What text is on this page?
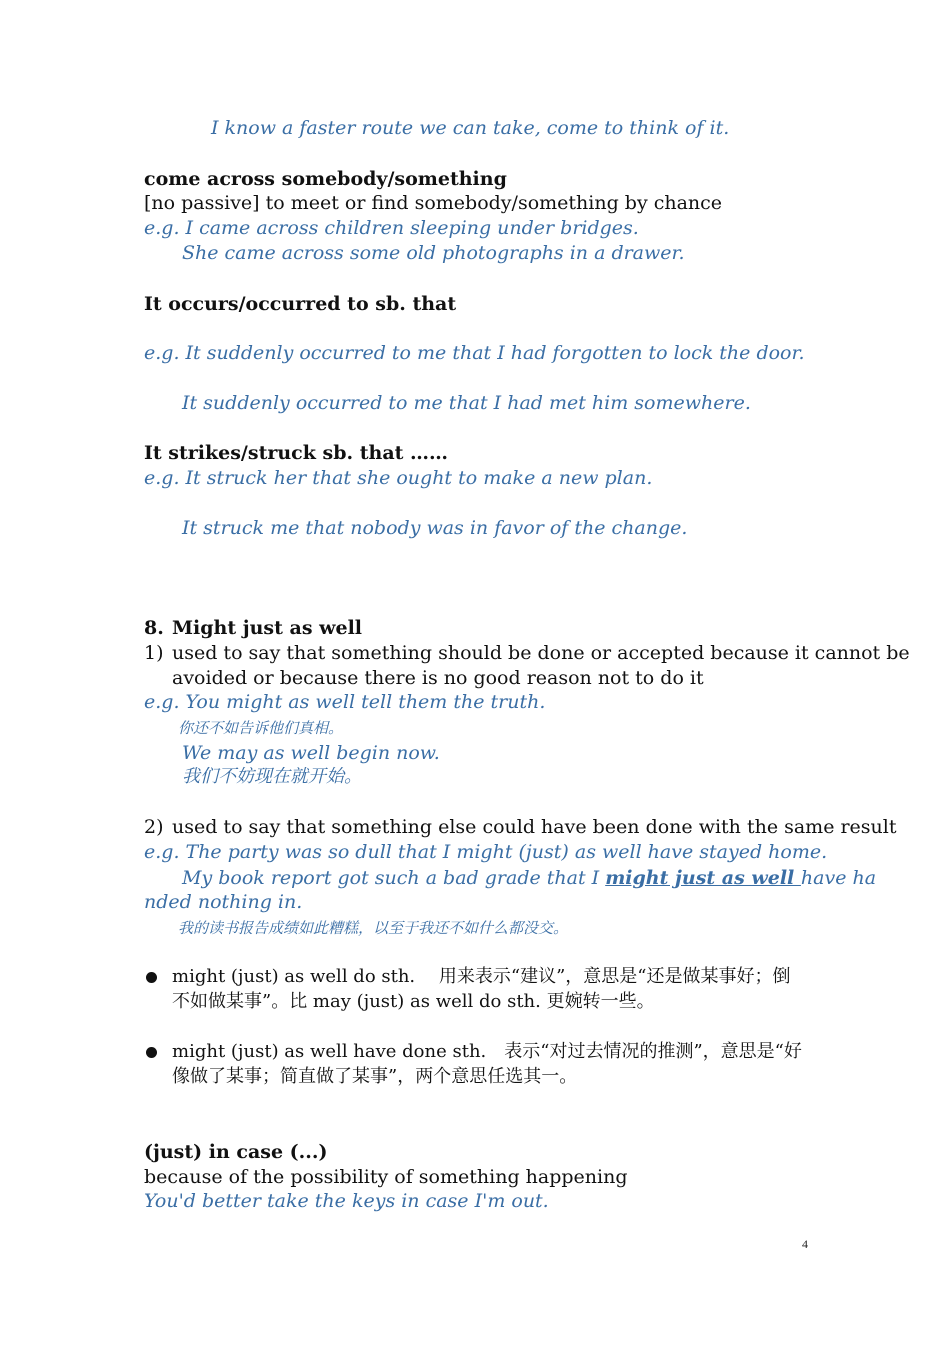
I know a faster route we can take, come to think of it.
come across somebody/something
[no passive] to meet or find somebody/something by chance
e.g. I came across children sleeping under bridges.
She came across some old photographs in a drawer.
It occurs/occurred to sb. that
e.g. It suddenly occurred to me that I had forgotten to lock the door.
It suddenly occurred to me that I had met him somewhere.
It strikes/struck sb. that ……
e.g. It struck her that she ought to make a new plan.
It struck me that nobody was in favor of the change.
8. Might just as well
1) used to say that something should be done or accepted because it cannot be
avoided or because there is no good reason not to do it
e.g. You might as well tell them the truth.
你还不如告诉他们真相。
We may as well begin now.
我们不妨现在就开始。
2) used to say that something else could have been done with the same result
e.g. The party was so dull that I might (just) as well have stayed home.
My book report got such a bad grade that I might just as well have ha
nded nothing in.
我的读书报告成绩如此糟糕，以至于我还不如什么都没交。
might (just) as well do sth.　 用来表示“建议”，意思是“还是做某事好；倒
不如做某事”。比 may (just) as well do sth. 更婉转一些。
might (just) as well have done sth.　表示“对过去情况的推测”，意思是“好
像做了某事；简直做了某事”，两个意思任选其一。
(just) in case (...)
because of the possibility of something happening
You'd better take the keys in case I'm out.
4
